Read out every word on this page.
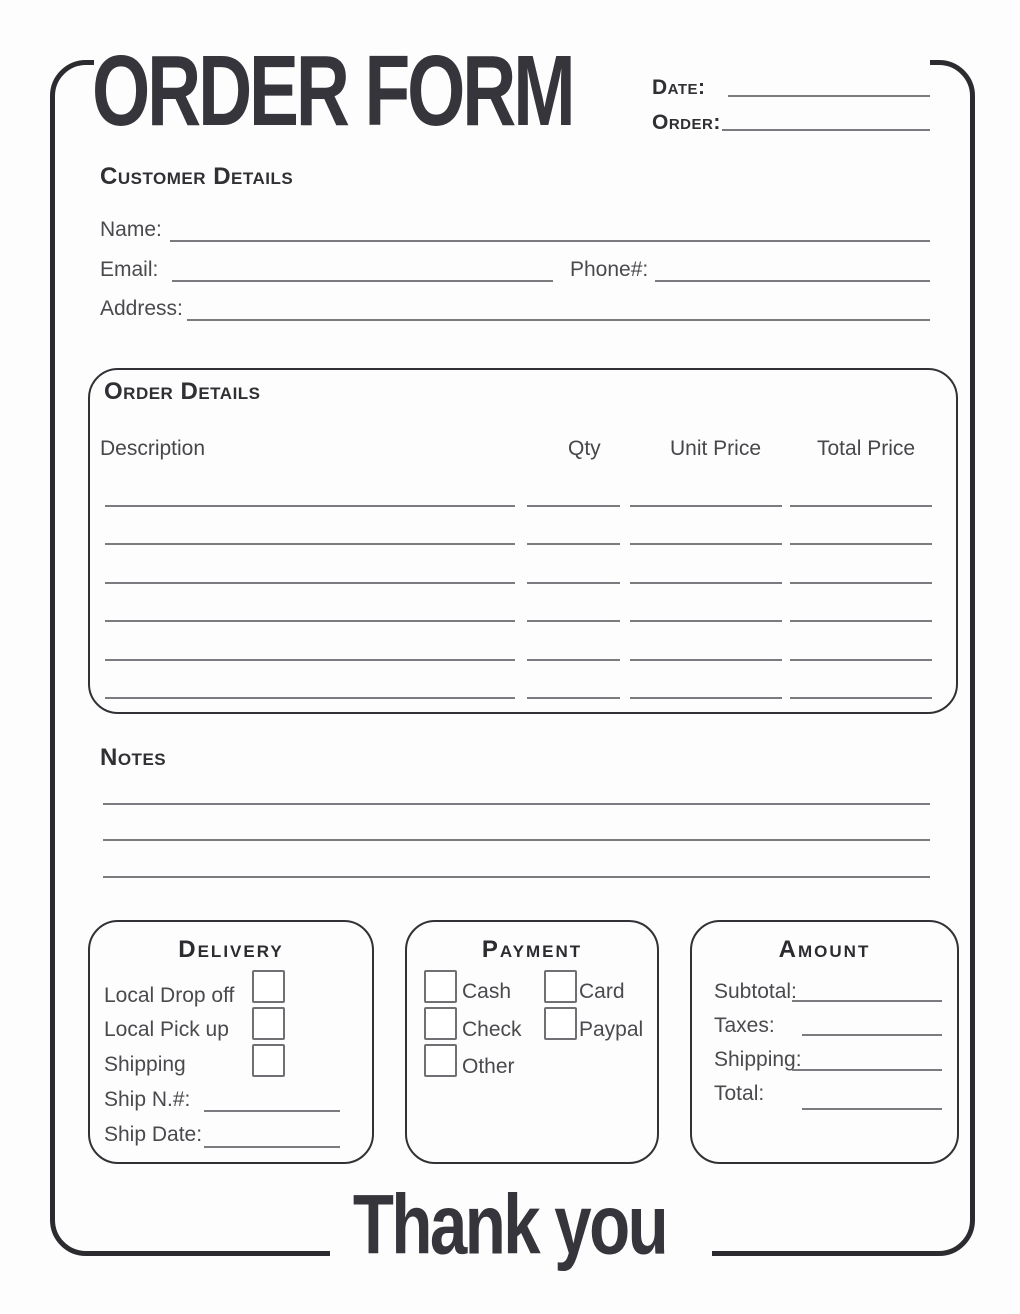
ORDER FORM	Date:
Order:
Customer Details
Name:
Email:	Phone#:
Address:
Order Details
Description	Qty	Unit Price	Total Price
Notes
Delivery
Local Drop off
Local Pick up
Shipping
Ship N.#:
Ship Date:
Payment
Cash
Check
Other
Card
Paypal
Amount
Subtotal:
Taxes:
Shipping:
Total:
Thank you
